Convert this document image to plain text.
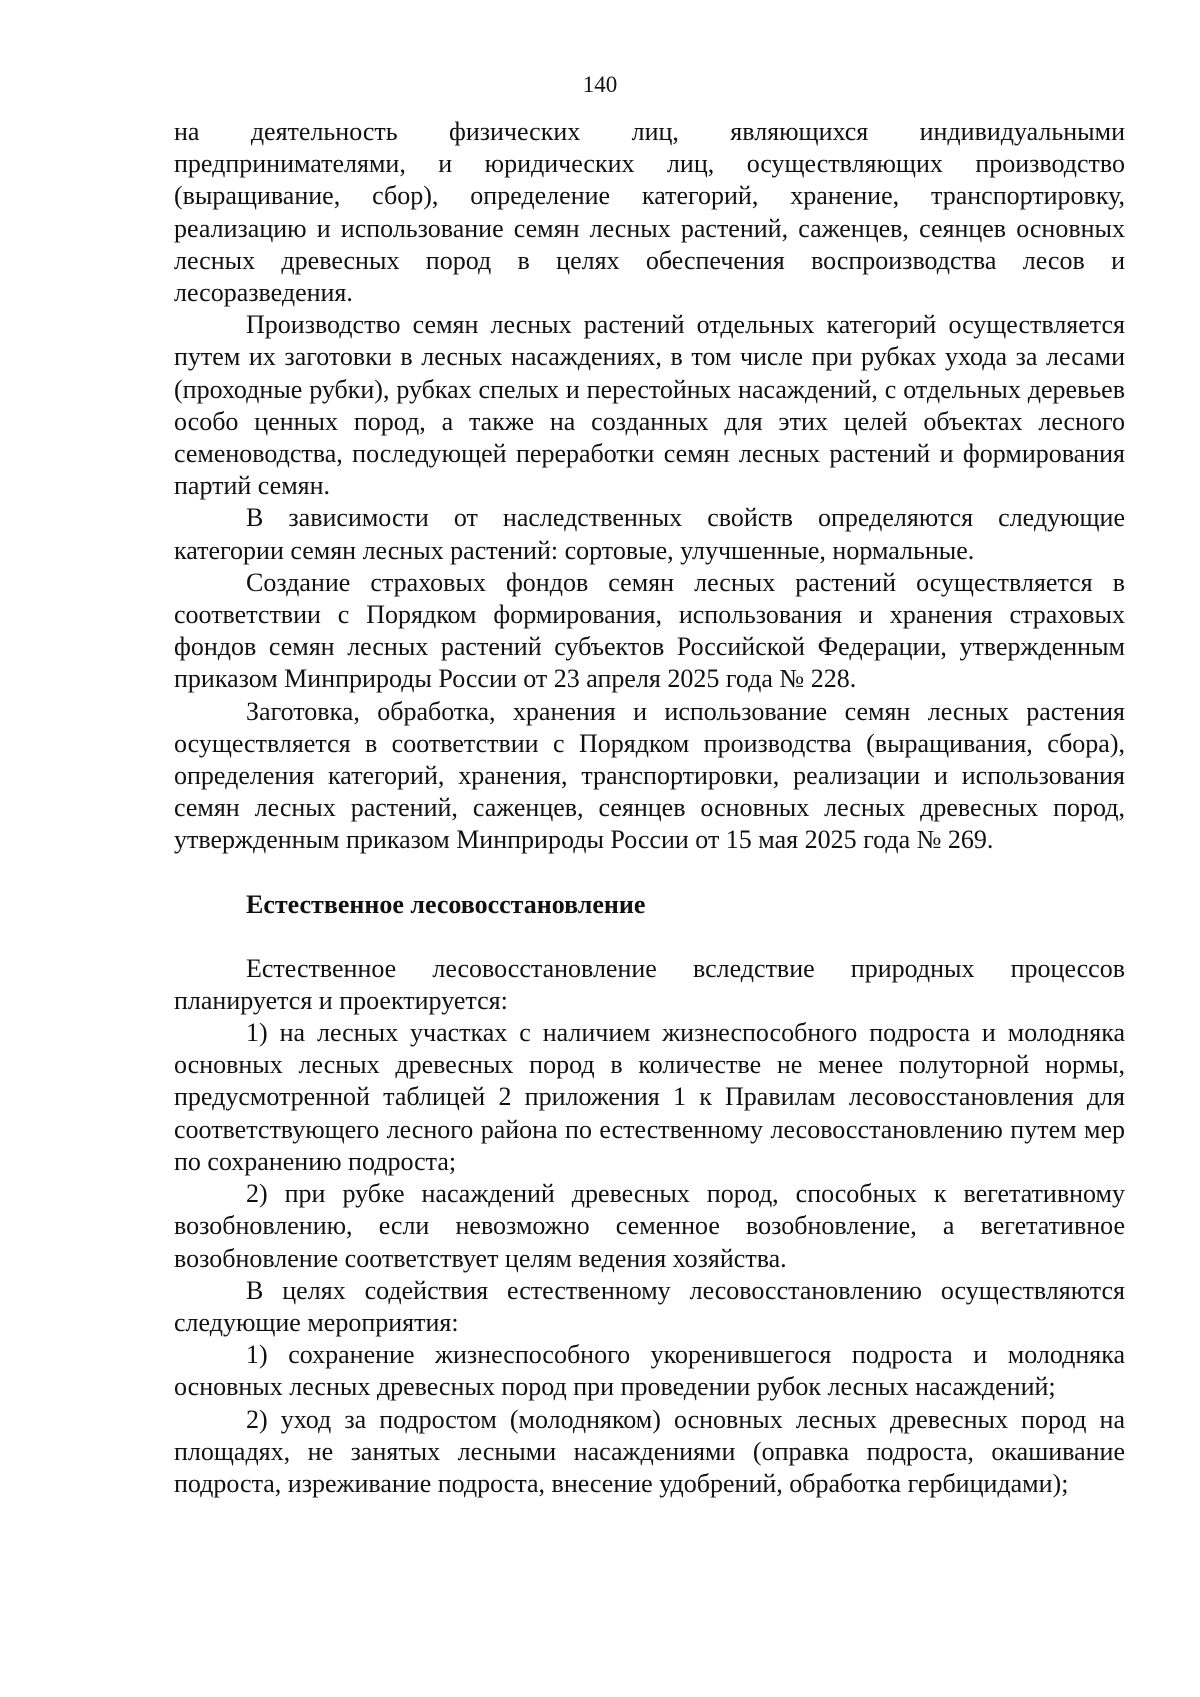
140

на деятельность физических лиц, являющихся индивидуальными предпринимателями, и юридических лиц, осуществляющих производство (выращивание, сбор), определение категорий, хранение, транспортировку, реализацию и использование семян лесных растений, саженцев, сеянцев основных лесных древесных пород в целях обеспечения воспроизводства лесов и лесоразведения.

Производство семян лесных растений отдельных категорий осуществляется путем их заготовки в лесных насаждениях, в том числе при рубках ухода за лесами (проходные рубки), рубках спелых и перестойных насаждений, с отдельных деревьев особо ценных пород, а также на созданных для этих целей объектах лесного семеноводства, последующей переработки семян лесных растений и формирования партий семян.

В зависимости от наследственных свойств определяются следующие категории семян лесных растений: сортовые, улучшенные, нормальные.

Создание страховых фондов семян лесных растений осуществляется в соответствии с Порядком формирования, использования и хранения страховых фондов семян лесных растений субъектов Российской Федерации, утвержденным приказом Минприроды России от 23 апреля 2025 года № 228.

Заготовка, обработка, хранения и использование семян лесных растения осуществляется в соответствии с Порядком производства (выращивания, сбора), определения категорий, хранения, транспортировки, реализации и использования семян лесных растений, саженцев, сеянцев основных лесных древесных пород, утвержденным приказом Минприроды России от 15 мая 2025 года № 269.

Естественное лесовосстановление

Естественное лесовосстановление вследствие природных процессов планируется и проектируется:

1) на лесных участках с наличием жизнеспособного подроста и молодняка основных лесных древесных пород в количестве не менее полуторной нормы, предусмотренной таблицей 2 приложения 1 к Правилам лесовосстановления для соответствующего лесного района по естественному лесовосстановлению путем мер по сохранению подроста;

2) при рубке насаждений древесных пород, способных к вегетативному возобновлению, если невозможно семенное возобновление, а вегетативное возобновление соответствует целям ведения хозяйства.

В целях содействия естественному лесовосстановлению осуществляются следующие мероприятия:

1) сохранение жизнеспособного укоренившегося подроста и молодняка основных лесных древесных пород при проведении рубок лесных насаждений;

2) уход за подростом (молодняком) основных лесных древесных пород на площадях, не занятых лесными насаждениями (оправка подроста, окашивание подроста, изреживание подроста, внесение удобрений, обработка гербицидами);
